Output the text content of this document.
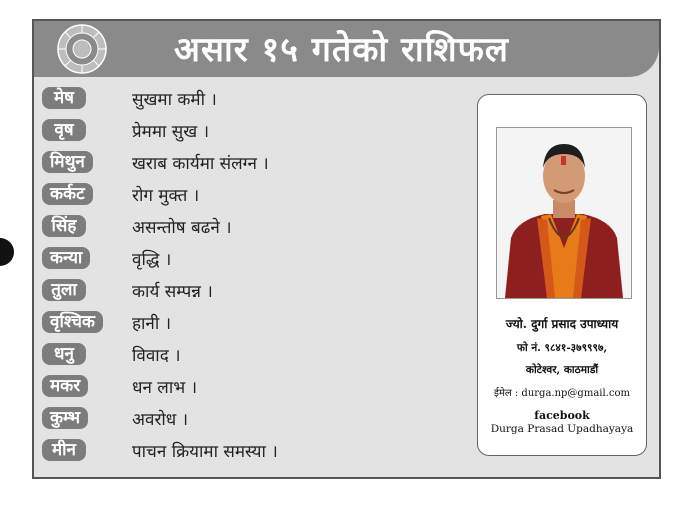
असार १५ गतेको राशिफल
मेष	सुखमा कमी ।
वृष	प्रेममा सुख ।
मिथुन	खराब कार्यमा संलग्न ।
कर्कट	रोग मुक्त ।
सिंह	असन्तोष बढने ।
कन्या	वृद्धि ।
तुला	कार्य सम्पन्न ।
वृश्चिक	हानी ।
धनु	विवाद ।
मकर	धन लाभ ।
कुम्भ	अवरोध ।
मीन	पाचन क्रियामा समस्या ।
ज्यो. दुर्गा प्रसाद उपाध्याय
फो नं. ९८४१-३७९९९७,
कोटेश्वर, काठमाडौं
ईमेल : durga.np@gmail.com
facebook
Durga Prasad Upadhayaya
